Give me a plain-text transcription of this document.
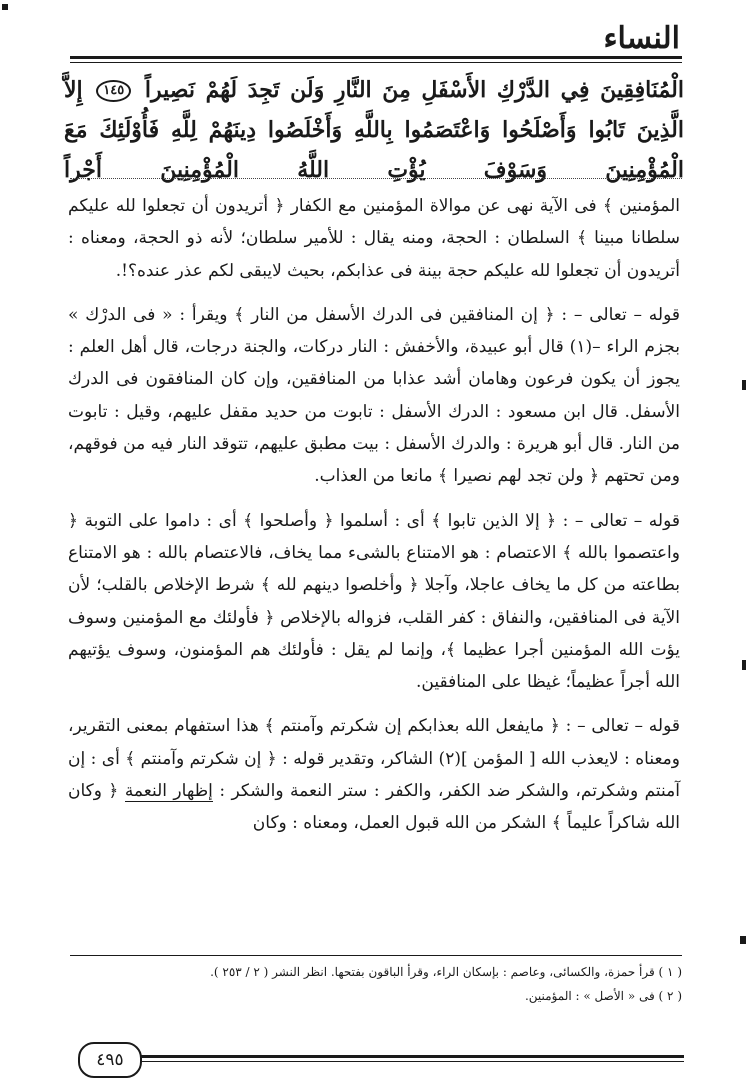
النساء
الْمُنَافِقِينَ فِي الدَّرْكِ الأَسْفَلِ مِنَ النَّارِ وَلَن تَجِدَ لَهُمْ نَصِيراً ١٤٥ إِلاَّ الَّذِينَ تَابُوا وَأَصْلَحُوا وَاعْتَصَمُوا بِاللَّهِ وَأَخْلَصُوا دِينَهُمْ لِلَّهِ فَأُوْلَئِكَ مَعَ الْمُؤْمِنِينَ وَسَوْفَ يُؤْتِ اللَّهُ الْمُؤْمِنِينَ أَجْراً

المؤمنين ﴾ فى الآية نهى عن موالاة المؤمنين مع الكفار ﴿ أتريدون أن تجعلوا لله عليكم سلطانا مبينا ﴾ السلطان : الحجة، ومنه يقال : للأمير سلطان؛ لأنه ذو الحجة، ومعناه : أتريدون أن تجعلوا لله عليكم حجة بينة فى عذابكم، بحيث لايبقى لكم عذر عنده؟!.

قوله – تعالى – : ﴿ إن المنافقين فى الدرك الأسفل من النار ﴾ ويقرأ : « فى الدرْك » بجزم الراء –(١) قال أبو عبيدة، والأخفش : النار دركات، والجنة درجات، قال أهل العلم : يجوز أن يكون فرعون وهامان أشد عذابا من المنافقين، وإن كان المنافقون فى الدرك الأسفل. قال ابن مسعود : الدرك الأسفل : تابوت من حديد مقفل عليهم، وقيل : تابوت من النار. قال أبو هريرة : والدرك الأسفل : بيت مطبق عليهم، تتوقد النار فيه من فوقهم، ومن تحتهم ﴿ ولن تجد لهم نصيرا ﴾ مانعا من العذاب.

قوله – تعالى – : ﴿ إلا الذين تابوا ﴾ أى : أسلموا ﴿ وأصلحوا ﴾ أى : داموا على التوبة ﴿ واعتصموا بالله ﴾ الاعتصام : هو الامتناع بالشىء مما يخاف، فالاعتصام بالله : هو الامتناع بطاعته من كل ما يخاف عاجلا، وآجلا ﴿ وأخلصوا دينهم لله ﴾ شرط الإخلاص بالقلب؛ لأن الآية فى المنافقين، والنفاق : كفر القلب، فزواله بالإخلاص ﴿ فأولئك مع المؤمنين وسوف يؤت الله المؤمنين أجرا عظيما ﴾، وإنما لم يقل : فأولئك هم المؤمنون، وسوف يؤتيهم الله أجراً عظيماً؛ غيظا على المنافقين.

قوله – تعالى – : ﴿ مايفعل الله بعذابكم إن شكرتم وآمنتم ﴾ هذا استفهام بمعنى التقرير، ومعناه : لايعذب الله [ المؤمن ](٢) الشاكر، وتقدير قوله : ﴿ إن شكرتم وآمنتم ﴾ أى : إن آمنتم وشكرتم، والشكر ضد الكفر، والكفر : ستر النعمة والشكر : إظهار النعمة ﴿ وكان الله شاكراً عليماً ﴾ الشكر من الله قبول العمل، ومعناه : وكان

( ١ ) قرأ حمزة، والكسائى، وعاصم : بإسكان الراء، وقرأ الباقون بفتحها. انظر النشر ( ٢ / ٢٥٣ ).
( ٢ ) فى « الأصل » : المؤمنين.
٤٩٥
